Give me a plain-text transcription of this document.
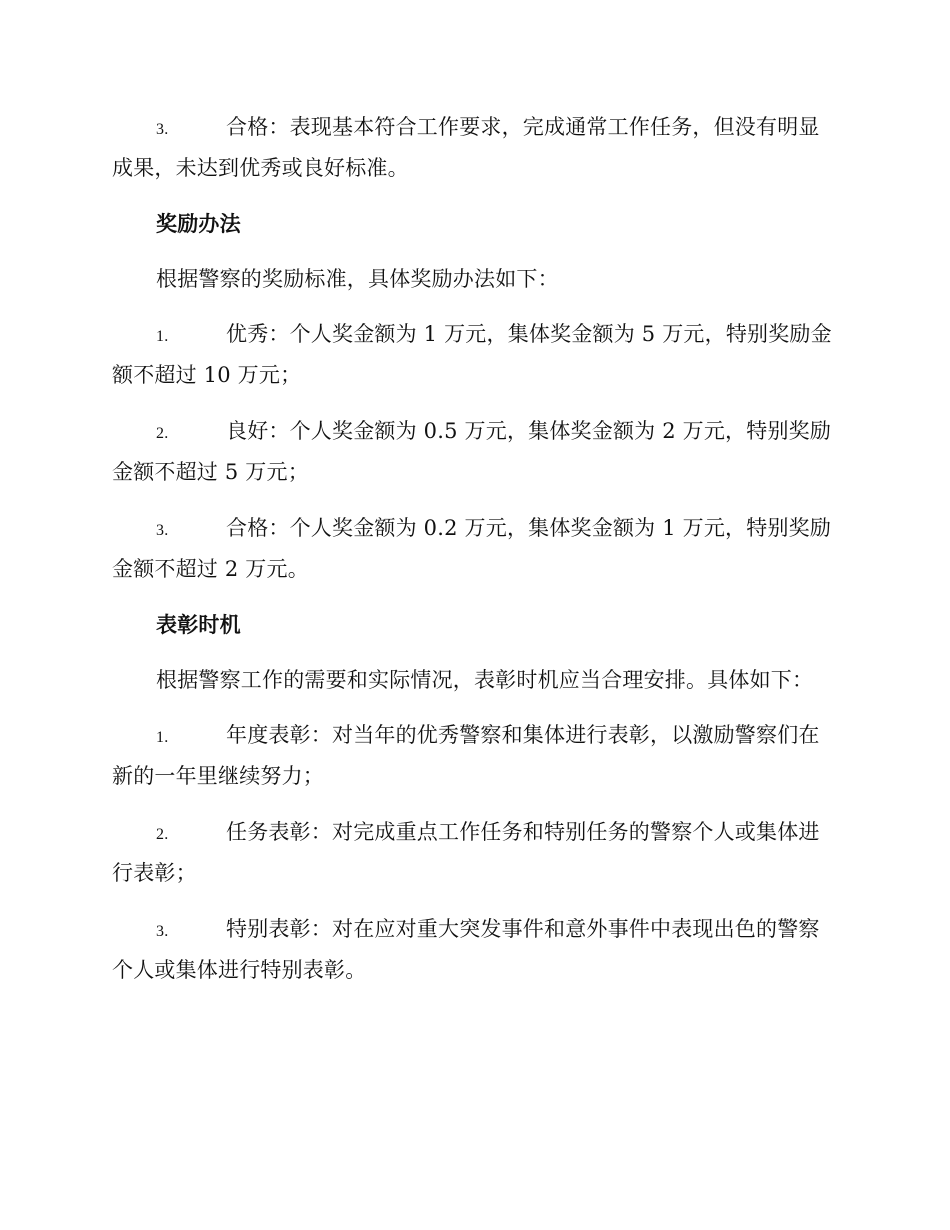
3.	合格：表现基本符合工作要求，完成通常工作任务，但没有明显成果，未达到优秀或良好标准。
奖励办法
根据警察的奖励标准，具体奖励办法如下：
1.	优秀：个人奖金额为 1 万元，集体奖金额为 5 万元，特别奖励金额不超过 10 万元；
2.	良好：个人奖金额为 0.5 万元，集体奖金额为 2 万元，特别奖励金额不超过 5 万元；
3.	合格：个人奖金额为 0.2 万元，集体奖金额为 1 万元，特别奖励金额不超过 2 万元。
表彰时机
根据警察工作的需要和实际情况，表彰时机应当合理安排。具体如下：
1.	年度表彰：对当年的优秀警察和集体进行表彰，以激励警察们在新的一年里继续努力；
2.	任务表彰：对完成重点工作任务和特别任务的警察个人或集体进行表彰；
3.	特别表彰：对在应对重大突发事件和意外事件中表现出色的警察个人或集体进行特别表彰。
